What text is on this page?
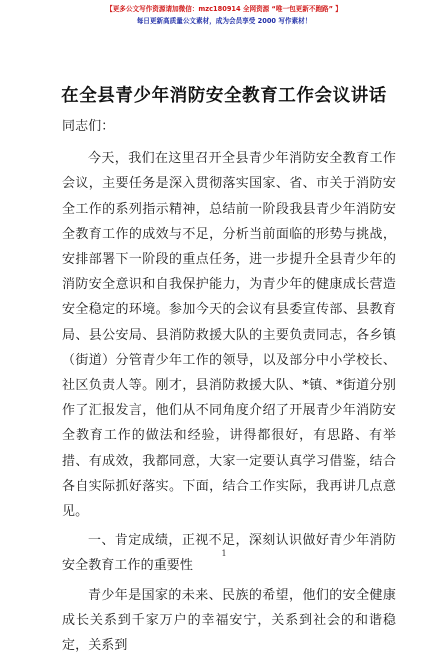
【更多公文写作资源请加微信：mzc180914 全网资源 “唯一包更新不跑路” 】
每日更新高质量公文素材，成为会员享受 2000 写作素材！
在全县青少年消防安全教育工作会议讲话

同志们：

今天，我们在这里召开全县青少年消防安全教育工作会议，主要任务是深入贯彻落实国家、省、市关于消防安全工作的系列指示精神，总结前一阶段我县青少年消防安全教育工作的成效与不足，分析当前面临的形势与挑战，安排部署下一阶段的重点任务，进一步提升全县青少年的消防安全意识和自我保护能力，为青少年的健康成长营造安全稳定的环境。参加今天的会议有县委宣传部、县教育局、县公安局、县消防救援大队的主要负责同志，各乡镇（街道）分管青少年工作的领导，以及部分中小学校长、社区负责人等。刚才，县消防救援大队、*镇、*街道分别作了汇报发言，他们从不同角度介绍了开展青少年消防安全教育工作的做法和经验，讲得都很好，有思路、有举措、有成效，我都同意，大家一定要认真学习借鉴，结合各自实际抓好落实。下面，结合工作实际，我再讲几点意见。

一、肯定成绩，正视不足，深刻认识做好青少年消防安全教育工作的重要性

青少年是国家的未来、民族的希望，他们的安全健康成长关系到千家万户的幸福安宁，关系到社会的和谐稳定，关系到

1
